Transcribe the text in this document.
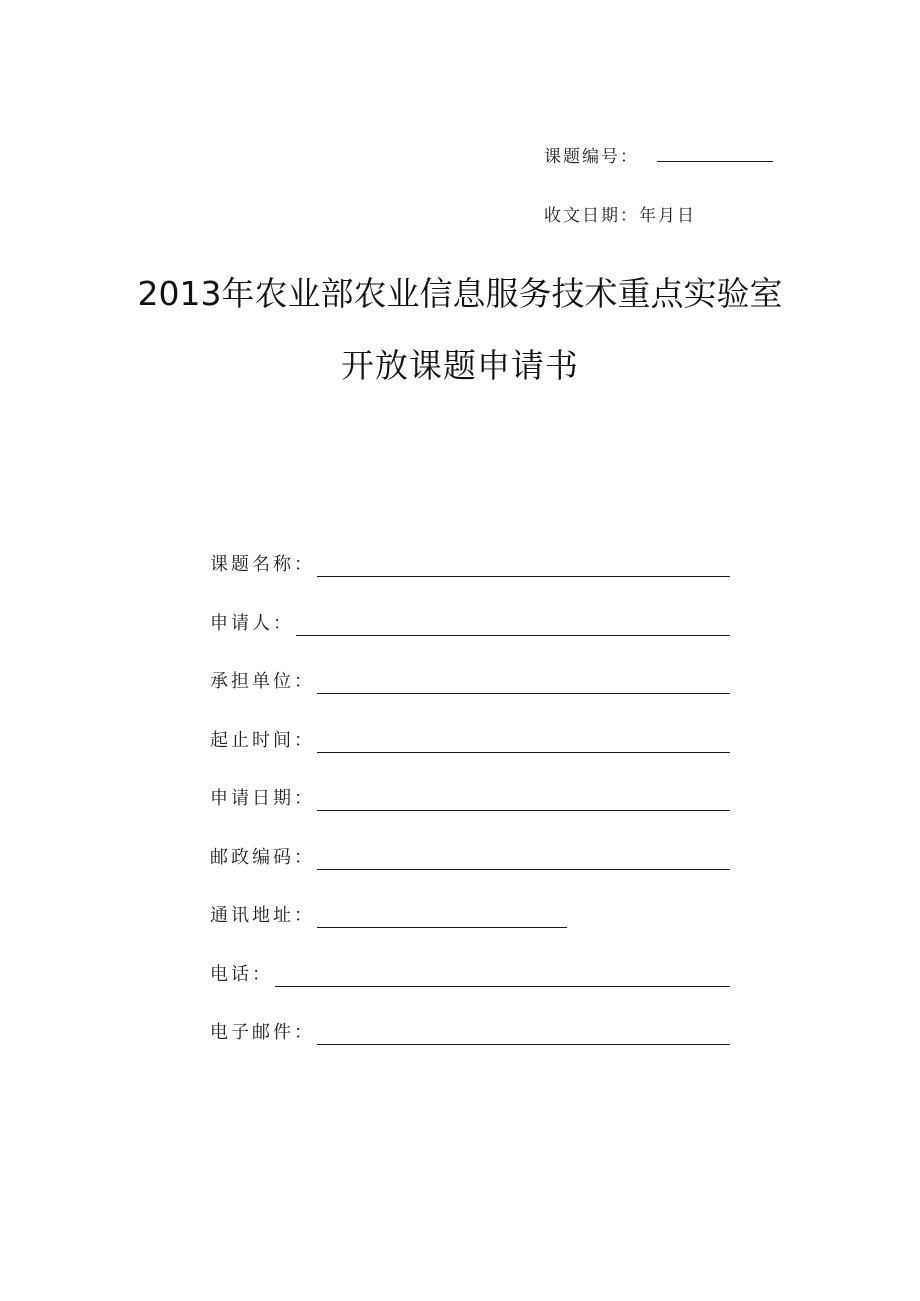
课题编号：
收文日期：年月日
2013年农业部农业信息服务技术重点实验室
开放课题申请书
课题名称：
申请人：
承担单位：
起止时间：
申请日期：
邮政编码：
通讯地址：
电话：
电子邮件：
